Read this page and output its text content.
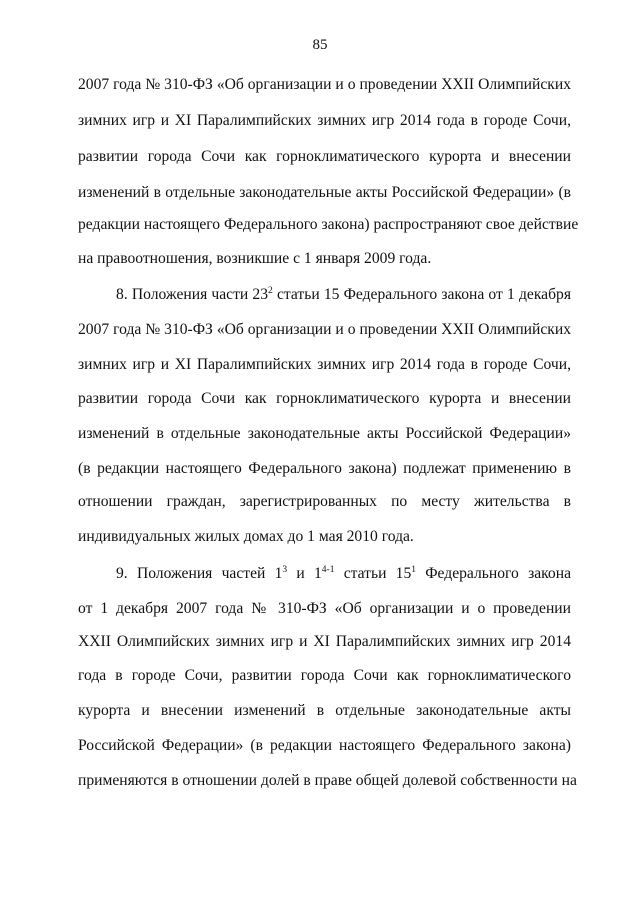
85
2007 года № 310-ФЗ «Об организации и о проведении XXII Олимпийских
зимних игр и XI Паралимпийских зимних игр 2014 года в городе Сочи,
развитии города Сочи как горноклиматического курорта и внесении
изменений в отдельные законодательные акты Российской Федерации» (в
редакции настоящего Федерального закона) распространяют свое действие
на правоотношения, возникшие с 1 января 2009 года.
8. Положения части $23^2$ статьи 15 Федерального закона от 1 декабря
2007 года № 310-ФЗ «Об организации и о проведении XXII Олимпийских
зимних игр и XI Паралимпийских зимних игр 2014 года в городе Сочи,
развитии города Сочи как горноклиматического курорта и внесении
изменений в отдельные законодательные акты Российской Федерации»
(в редакции настоящего Федерального закона) подлежат применению в
отношении граждан, зарегистрированных по месту жительства в
индивидуальных жилых домах до 1 мая 2010 года.
9. Положения частей $1^3$ и 1$^{4-1}$ статьи $15^1$ Федерального закона
от 1 декабря 2007 года № 310-ФЗ «Об организации и о проведении
XXII Олимпийских зимних игр и XI Паралимпийских зимних игр 2014
года в городе Сочи, развитии города Сочи как горноклиматического
курорта и внесении изменений в отдельные законодательные акты
Российской Федерации» (в редакции настоящего Федерального закона)
применяются в отношении долей в праве общей долевой собственности на
